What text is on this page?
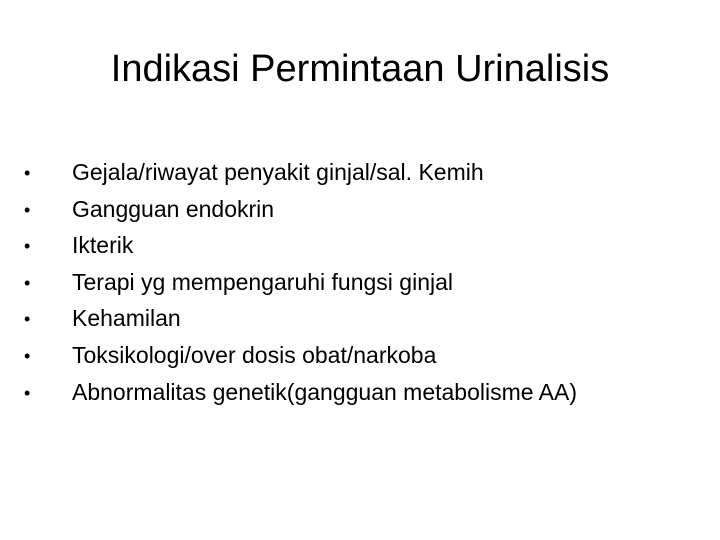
Indikasi Permintaan Urinalisis
•	Gejala/riwayat penyakit ginjal/sal. Kemih
•	Gangguan endokrin
•	Ikterik
•	Terapi yg mempengaruhi fungsi ginjal
•	Kehamilan
•	Toksikologi/over dosis obat/narkoba
•	Abnormalitas genetik(gangguan metabolisme AA)
